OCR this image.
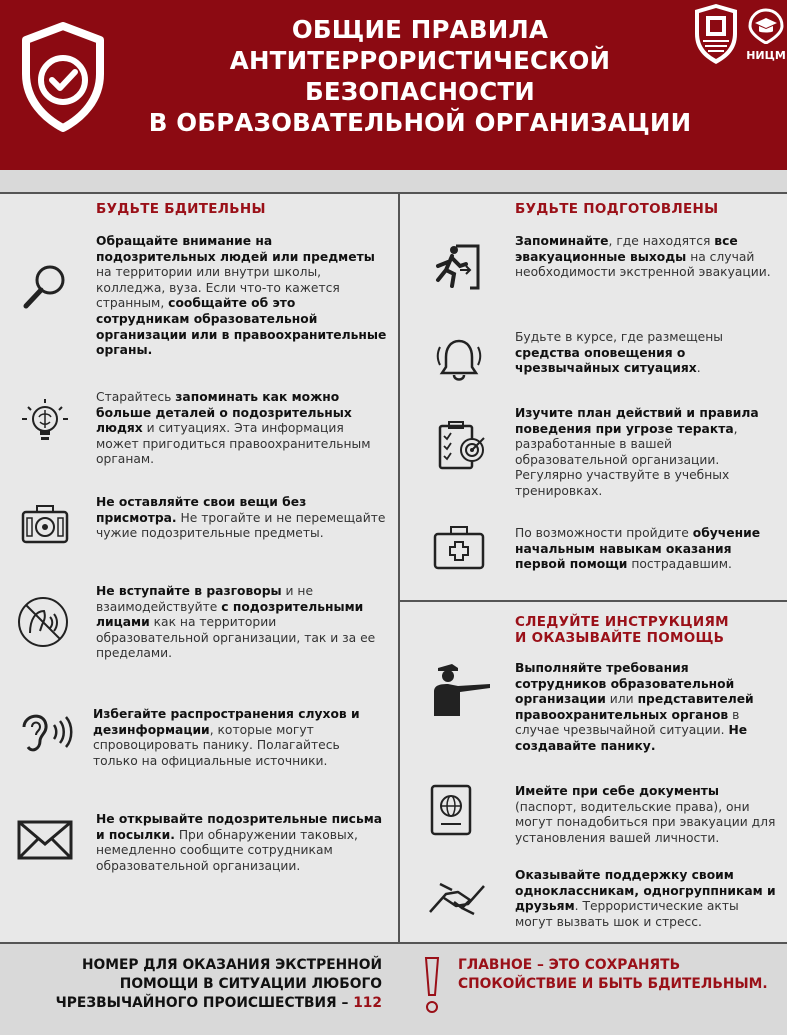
ОБЩИЕ ПРАВИЛА
АНТИТЕРРОРИСТИЧЕСКОЙ
БЕЗОПАСНОСТИ
В ОБРАЗОВАТЕЛЬНОЙ ОРГАНИЗАЦИИ
НИЦМ
БУДЬТЕ БДИТЕЛЬНЫ
Обращайте внимание на подозрительных людей или предметы на территории или внутри школы, колледжа, вуза. Если что-то кажется странным, сообщайте об это сотрудникам образовательной организации или в правоохранительные органы.
Старайтесь запоминать как можно больше деталей о подозрительных людях и ситуациях. Эта информация может пригодиться правоохранительным органам.
Не оставляйте свои вещи без присмотра. Не трогайте и не перемещайте чужие подозрительные предметы.
Не вступайте в разговоры и не взаимодействуйте с подозрительными лицами как на территории образовательной организации, так и за ее пределами.
Избегайте распространения слухов и дезинформации, которые могут спровоцировать панику. Полагайтесь только на официальные источники.
Не открывайте подозрительные письма и посылки. При обнаружении таковых, немедленно сообщите сотрудникам образовательной организации.
БУДЬТЕ ПОДГОТОВЛЕНЫ
Запоминайте, где находятся все эвакуационные выходы на случай необходимости экстренной эвакуации.
Будьте в курсе, где размещены средства оповещения о чрезвычайных ситуациях.
Изучите план действий и правила поведения при угрозе теракта, разработанные в вашей образовательной организации. Регулярно участвуйте в учебных тренировках.
По возможности пройдите обучение начальным навыкам оказания первой помощи пострадавшим.
СЛЕДУЙТЕ ИНСТРУКЦИЯМ
И ОКАЗЫВАЙТЕ ПОМОЩЬ
Выполняйте требования сотрудников образовательной организации или представителей правоохранительных органов в случае чрезвычайной ситуации. Не создавайте панику.
Имейте при себе документы (паспорт, водительские права), они могут понадобиться при эвакуации для установления вашей личности.
Оказывайте поддержку своим одноклассникам, одногруппникам и друзьям. Террористические акты могут вызвать шок и стресс.
НОМЕР ДЛЯ ОКАЗАНИЯ ЭКСТРЕННОЙ ПОМОЩИ В СИТУАЦИИ ЛЮБОГО ЧРЕЗВЫЧАЙНОГО ПРОИСШЕСТВИЯ – 112
ГЛАВНОЕ – ЭТО СОХРАНЯТЬ СПОКОЙСТВИЕ И БЫТЬ БДИТЕЛЬНЫМ.
